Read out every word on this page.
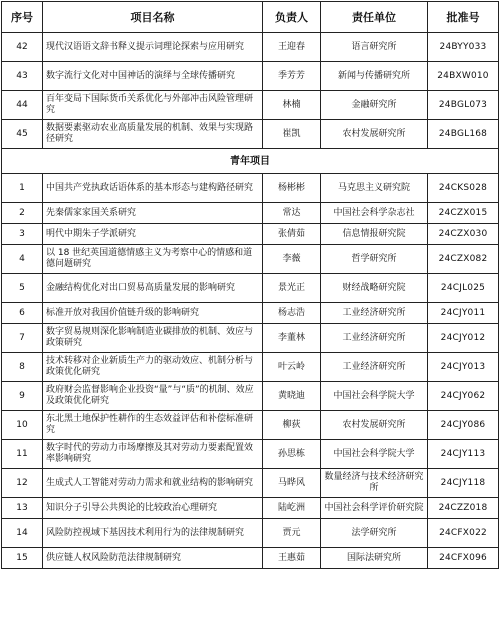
序号	项目名称	负责人	责任单位	批准号
42	现代汉语语文辞书释义提示词理论探索与应用研究	王迎春	语言研究所	24BYY033
43	数字流行文化对中国神话的演绎与全球传播研究	季芳芳	新闻与传播研究所	24BXW010
44	百年变局下国际货币关系优化与外部冲击风险管理研究	林楠	金融研究所	24BGL073
45	数据要素驱动农业高质量发展的机制、效果与实现路径研究	崔凯	农村发展研究所	24BGL168
青年项目				
1	中国共产党执政话语体系的基本形态与建构路径研究	杨彬彬	马克思主义研究院	24CKS028
2	先秦儒家家国关系研究	常达	中国社会科学杂志社	24CZX015
3	明代中期朱子学派研究	张倩茹	信息情报研究院	24CZX030
4	以 18 世纪英国道德情感主义为考察中心的情感和道德问题研究	李薇	哲学研究所	24CZX082
5	金融结构优化对出口贸易高质量发展的影响研究	景光正	财经战略研究院	24CJL025
6	标准开放对我国价值链升级的影响研究	杨志浩	工业经济研究所	24CJY011
7	数字贸易规则深化影响制造业碳排放的机制、效应与政策研究	李董林	工业经济研究所	24CJY012
8	技术转移对企业新质生产力的驱动效应、机制分析与政策优化研究	叶云岭	工业经济研究所	24CJY013
9	政府财会监督影响企业投资“量”与“质”的机制、效应及政策优化研究	黄晓迪	中国社会科学院大学	24CJY062
10	东北黑土地保护性耕作的生态效益评估和补偿标准研究	柳荻	农村发展研究所	24CJY086
11	数字时代的劳动力市场摩擦及其对劳动力要素配置效率影响研究	孙思栋	中国社会科学院大学	24CJY113
12	生成式人工智能对劳动力需求和就业结构的影响研究	马晔风	数量经济与技术经济研究所	24CJY118
13	知识分子引导公共舆论的比较政治心理研究	陆屹洲	中国社会科学评价研究院	24CZZ018
14	风险防控视域下基因技术利用行为的法律规制研究	贾元	法学研究所	24CFX022
15	供应链人权风险防范法律规制研究	王惠茹	国际法研究所	24CFX096
